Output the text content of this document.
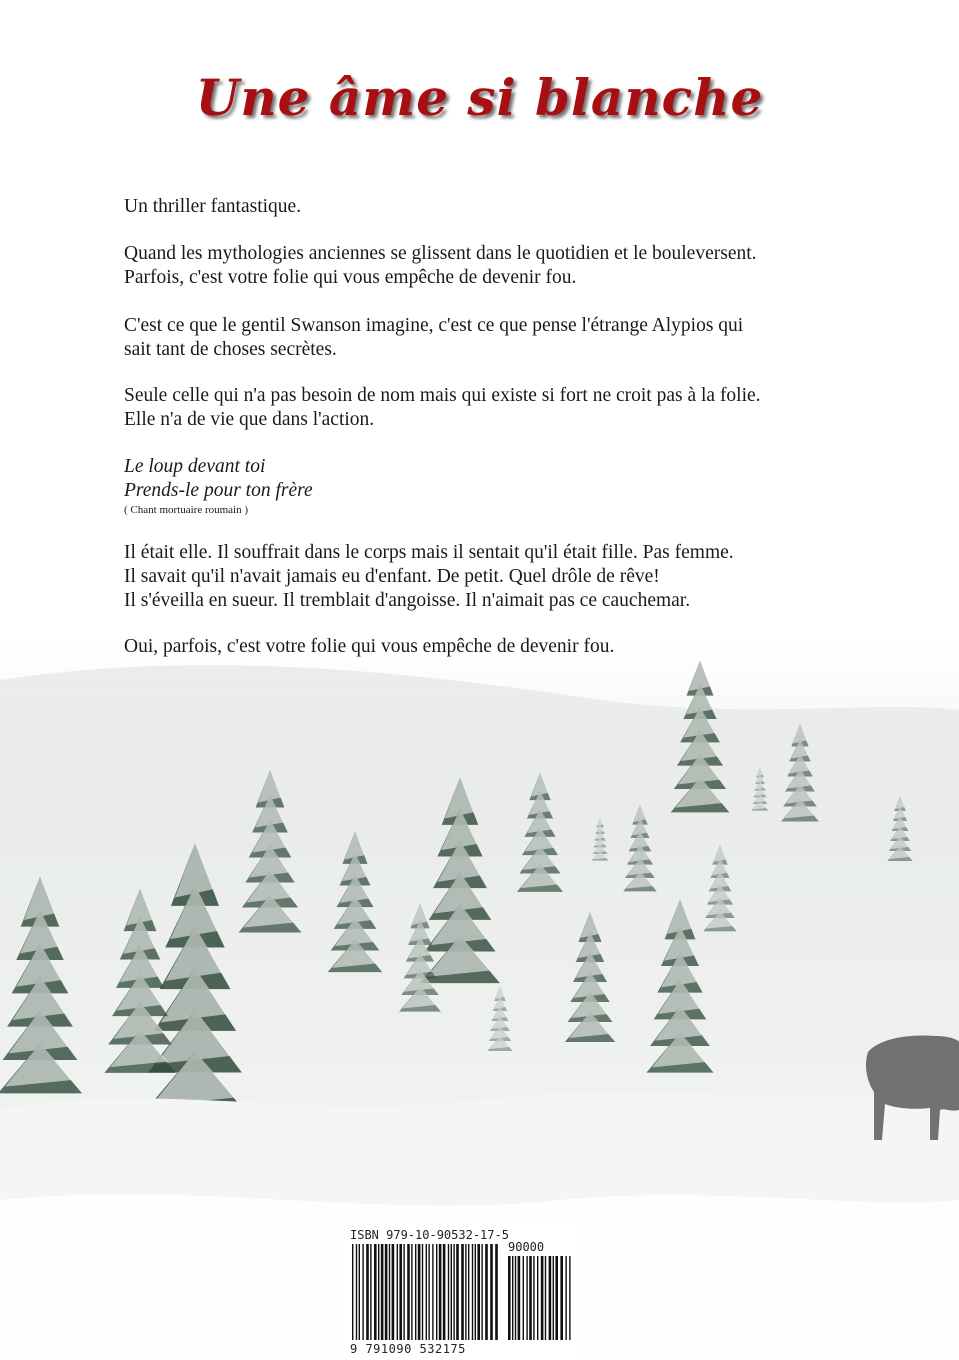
Une âme si blanche

Un thriller fantastique.

Quand les mythologies anciennes se glissent dans le quotidien et le bouleversent.

Parfois, c'est votre folie qui vous empêche de devenir fou.

C'est ce que le gentil Swanson imagine, c'est ce que pense l'étrange Alypios qui

sait tant de choses secrètes.

Seule celle qui n'a pas besoin de nom mais qui existe si fort ne croit pas à la folie.

Elle n'a de vie que dans l'action.

Le loup devant toi

Prends-le pour ton frère

( Chant mortuaire roumain )

Il était elle. Il souffrait dans le corps mais il sentait qu'il était fille. Pas femme.

Il savait qu'il n'avait jamais eu d'enfant. De petit. Quel drôle de rêve!

Il s'éveilla en sueur. Il tremblait d'angoisse. Il n'aimait pas ce cauchemar.

Oui, parfois, c'est votre folie qui vous empêche de devenir fou.

ISBN 979-10-90532-17-5
90000
9 791090 532175
